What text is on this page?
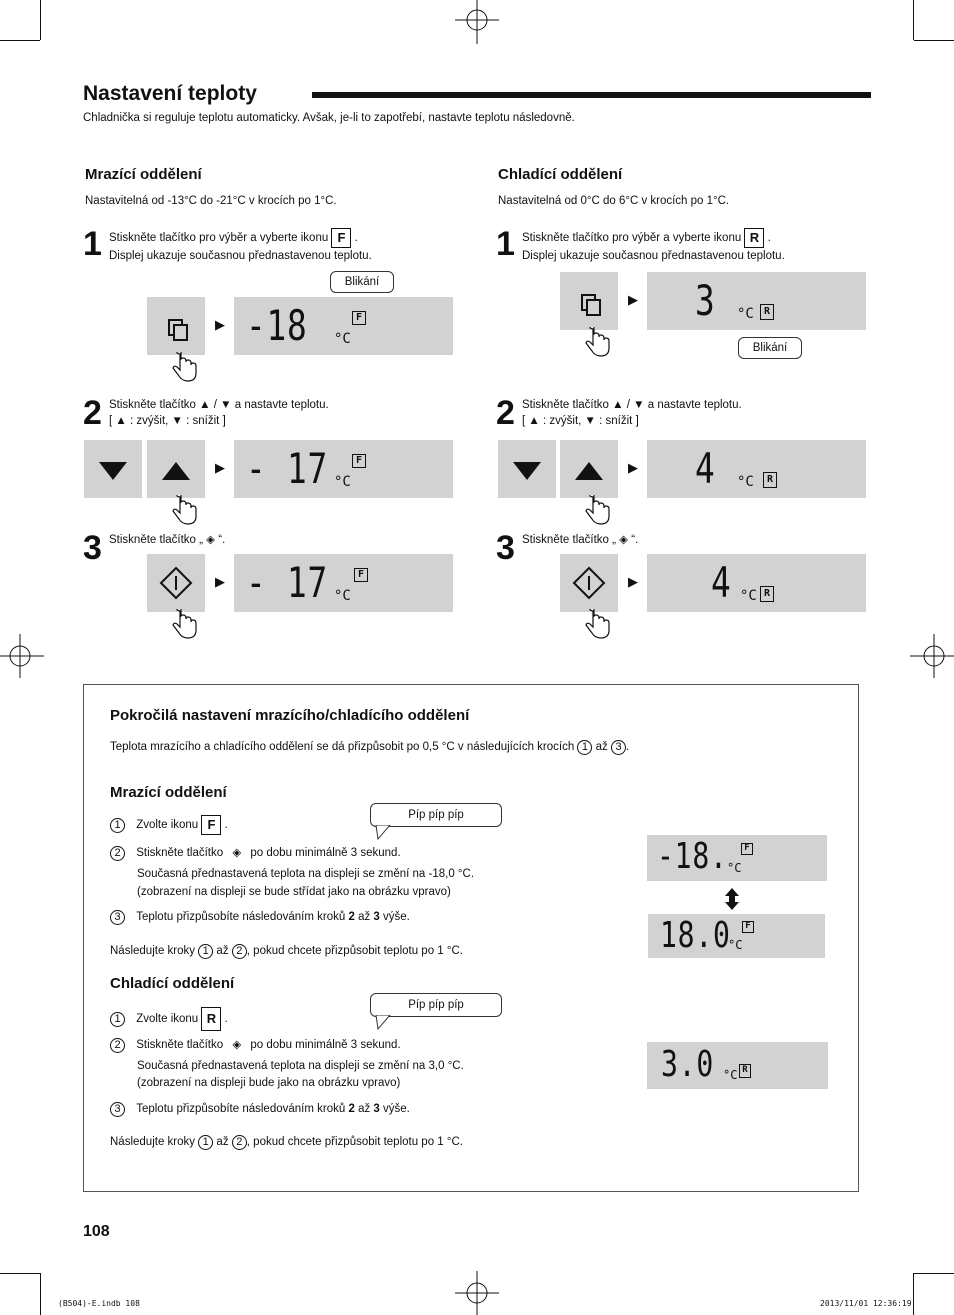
Nastavení teploty
Chladnička si reguluje teplotu automaticky. Avšak, je-li to zapotřebí, nastavte teplotu následovně.
Mrazící oddělení
Nastavitelná od -13°C do -21°C v krocích po 1°C.
1 Stiskněte tlačítko pro výběr a vyberte ikonu F .
Displej ukazuje současnou přednastavenou teplotu.
Blikání
▶ -18	F
°C
2 Stiskněte tlačítko ▲ / ▼ a nastavte teplotu.
[ ▲ : zvýšit, ▼ : snížit ]
▶ - 17	F
°C
3 Stiskněte tlačítko „ ◈ “.
▶ - 17	F
°C
Chladící oddělení
Nastavitelná od 0°C do 6°C v krocích po 1°C.
1 Stiskněte tlačítko pro výběr a vyberte ikonu R .
Displej ukazuje současnou přednastavenou teplotu.
▶ 3 °C	R
Blikání
2 Stiskněte tlačítko ▲ / ▼ a nastavte teplotu.
[ ▲ : zvýšit, ▼ : snížit ]
▶ 4 °C	R
3 Stiskněte tlačítko „ ◈ “.
▶ 4 °C R
Pokročilá nastavení mrazícího/chladícího oddělení
Teplota mrazícího a chladícího oddělení se dá přizpůsobit po 0,5 °C v následujících krocích 1 až 3 .
Mrazící oddělení
Píp píp píp
1 Zvolte ikonu F .
2 Stiskněte tlačítko ◈ po dobu minimálně 3 sekund.
Současná přednastavená teplota na displeji se změní na -18,0 °C.
(zobrazení na displeji se bude střídat jako na obrázku vpravo)
3 Teplotu přizpůsobíte následováním kroků 2 až 3 výše.
Následujte kroky 1 až 2 , pokud chcete přizpůsobit teplotu po 1 °C.
-18.	F
°C
18.0	F
°C
Chladící oddělení
Píp píp píp
1 Zvolte ikonu R .
2 Stiskněte tlačítko ◈ po dobu minimálně 3 sekund.
Současná přednastavená teplota na displeji se změní na 3,0 °C.
(zobrazení na displeji bude jako na obrázku vpravo)
3 Teplotu přizpůsobíte následováním kroků 2 až 3 výše.
Následujte kroky 1 až 2 , pokud chcete přizpůsobit teplotu po 1 °C.
3.0 °C R
108
(B504)-E.indb 108	2013/11/01 12:36:19
